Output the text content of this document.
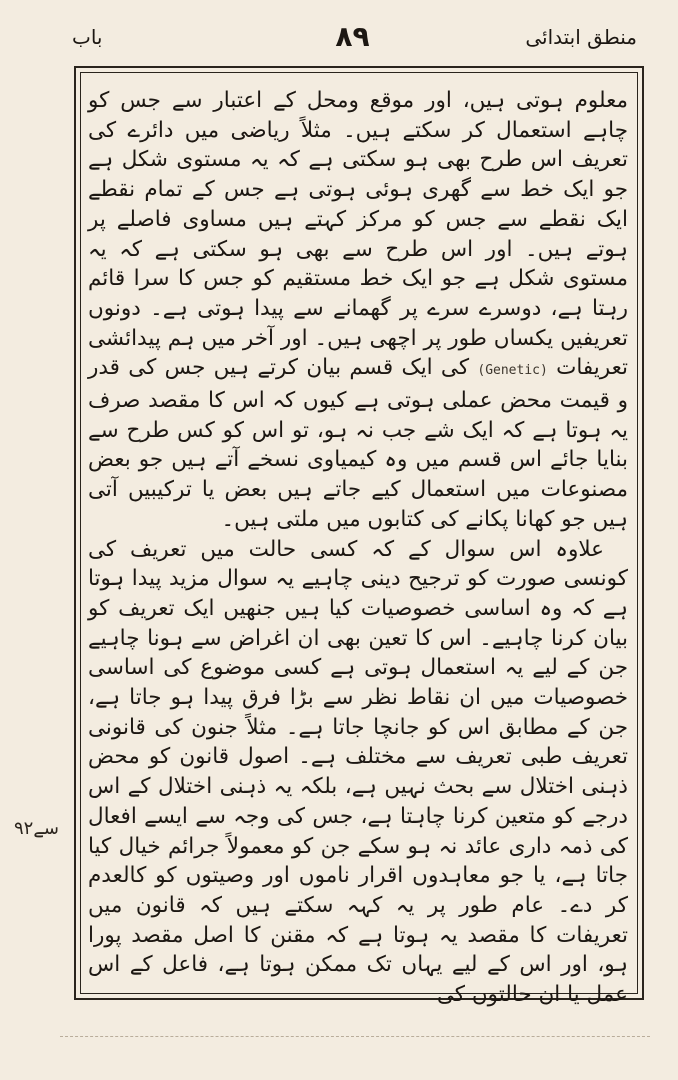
باب	٨٩	منطق ابتدائی

معلوم ہوتی ہیں، اور موقع ومحل کے اعتبار سے جس کو چاہے استعمال کر سکتے ہیں۔ مثلاً ریاضی میں دائرے کی تعریف اس طرح بھی ہو سکتی ہے کہ یہ مستوی شکل ہے جو ایک خط سے گھری ہوئی ہوتی ہے جس کے تمام نقطے ایک نقطے سے جس کو مرکز کہتے ہیں مساوی فاصلے پر ہوتے ہیں۔ اور اس طرح سے بھی ہو سکتی ہے کہ یہ مستوی شکل ہے جو ایک خط مستقیم کو جس کا سرا قائم رہتا ہے، دوسرے سرے پر گھمانے سے پیدا ہوتی ہے۔ دونوں تعریفیں یکساں طور پر اچھی ہیں۔ اور آخر میں ہم پیدائشی تعریفات (Genetic) کی ایک قسم بیان کرتے ہیں جس کی قدر و قیمت محض عملی ہوتی ہے کیوں کہ اس کا مقصد صرف یہ ہوتا ہے کہ ایک شے جب نہ ہو، تو اس کو کس طرح سے بنایا جائے اس قسم میں وہ کیمیاوی نسخے آتے ہیں جو بعض مصنوعات میں استعمال کیے جاتے ہیں بعض یا ترکیبیں آتی ہیں جو کھانا پکانے کی کتابوں میں ملتی ہیں۔

علاوہ اس سوال کے کہ کسی حالت میں تعریف کی کونسی صورت کو ترجیح دینی چاہیے یہ سوال مزید پیدا ہوتا ہے کہ وہ اساسی خصوصیات کیا ہیں جنھیں ایک تعریف کو بیان کرنا چاہیے۔ اس کا تعین بھی ان اغراض سے ہونا چاہیے جن کے لیے یہ استعمال ہوتی ہے کسی موضوع کی اساسی خصوصیات میں ان نقاط نظر سے بڑا فرق پیدا ہو جاتا ہے، جن کے مطابق اس کو جانچا جاتا ہے۔ مثلاً جنون کی قانونی تعریف طبی تعریف سے مختلف ہے۔ اصول قانون کو محض ذہنی اختلال سے بحث نہیں ہے، بلکہ یہ ذہنی اختلال کے اس درجے کو متعین کرنا چاہتا ہے، جس کی وجہ سے ایسے افعال کی ذمہ داری عائد نہ ہو سکے جن کو معمولاً جرائم خیال کیا جاتا ہے، یا جو معاہدوں اقرار ناموں اور وصیتوں کو کالعدم کر دے۔ عام طور پر یہ کہہ سکتے ہیں کہ قانون میں تعریفات کا مقصد یہ ہوتا ہے کہ مقنن کا اصل مقصد پورا ہو، اور اس کے لیے یہاں تک ممکن ہوتا ہے، فاعل کے اس عمل یا ان حالتوں کی

سے٩٢
